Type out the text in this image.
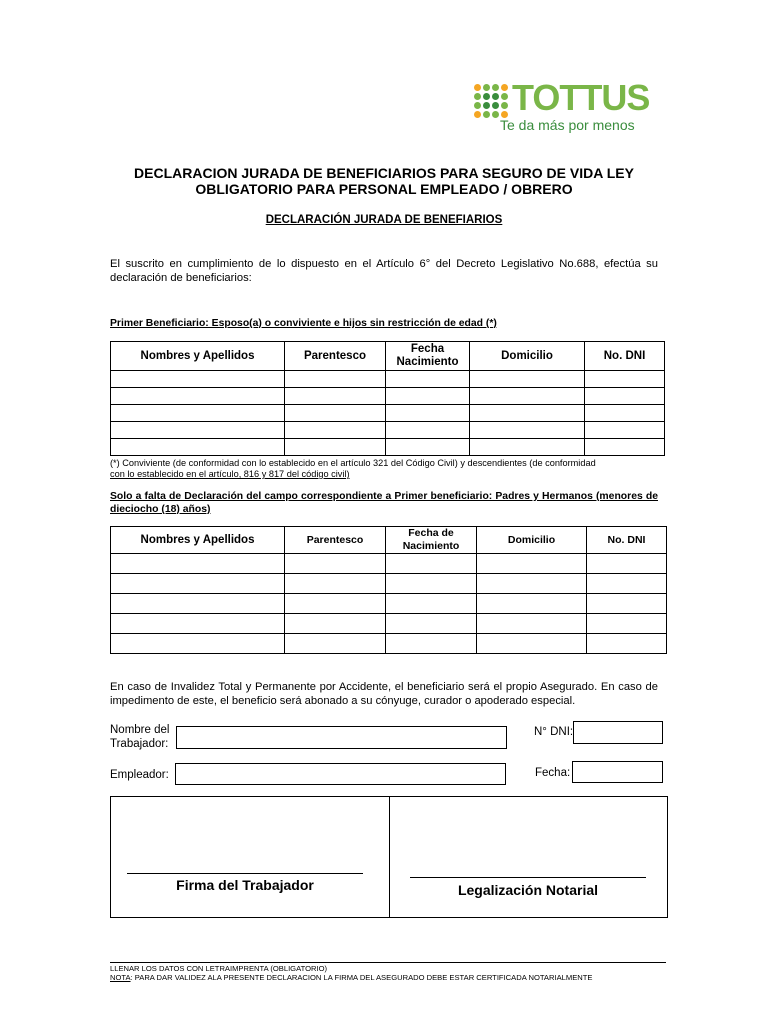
TOTTUS
Te da más por menos
DECLARACION JURADA DE BENEFICIARIOS PARA SEGURO DE VIDA LEY
OBLIGATORIO PARA PERSONAL EMPLEADO / OBRERO
DECLARACIÓN JURADA DE BENEFIARIOS
El suscrito en cumplimiento de lo dispuesto en el Artículo 6° del Decreto Legislativo No.688, efectúa su declaración de beneficiarios:
Primer Beneficiario: Esposo(a) o conviviente e hijos sin restricción de edad (*)
Nombres y Apellidos	Parentesco	Fecha Nacimiento	Domicilio	No. DNI

(*) Conviviente (de conformidad con lo establecido en el artículo 321 del Código Civil) y descendientes (de conformidad
con lo establecido en el artículo, 816 y 817 del código civil)
Solo a falta de Declaración del campo correspondiente a Primer beneficiario: Padres y Hermanos (menores de dieciocho (18) años)
Nombres y Apellidos	Parentesco	Fecha de Nacimiento	Domicilio	No. DNI

En caso de Invalidez Total y Permanente por Accidente, el beneficiario será el propio Asegurado. En caso de impedimento de este, el beneficio será abonado a su cónyuge, curador o apoderado especial.
Nombre del
Trabajador:
N° DNI:
Empleador:	Fecha:
Firma del Trabajador	Legalización Notarial
LLENAR LOS DATOS CON LETRAIMPRENTA (OBLIGATORIO)
NOTA: PARA DAR VALIDEZ ALA PRESENTE DECLARACION LA FIRMA DEL ASEGURADO DEBE ESTAR CERTIFICADA NOTARIALMENTE
